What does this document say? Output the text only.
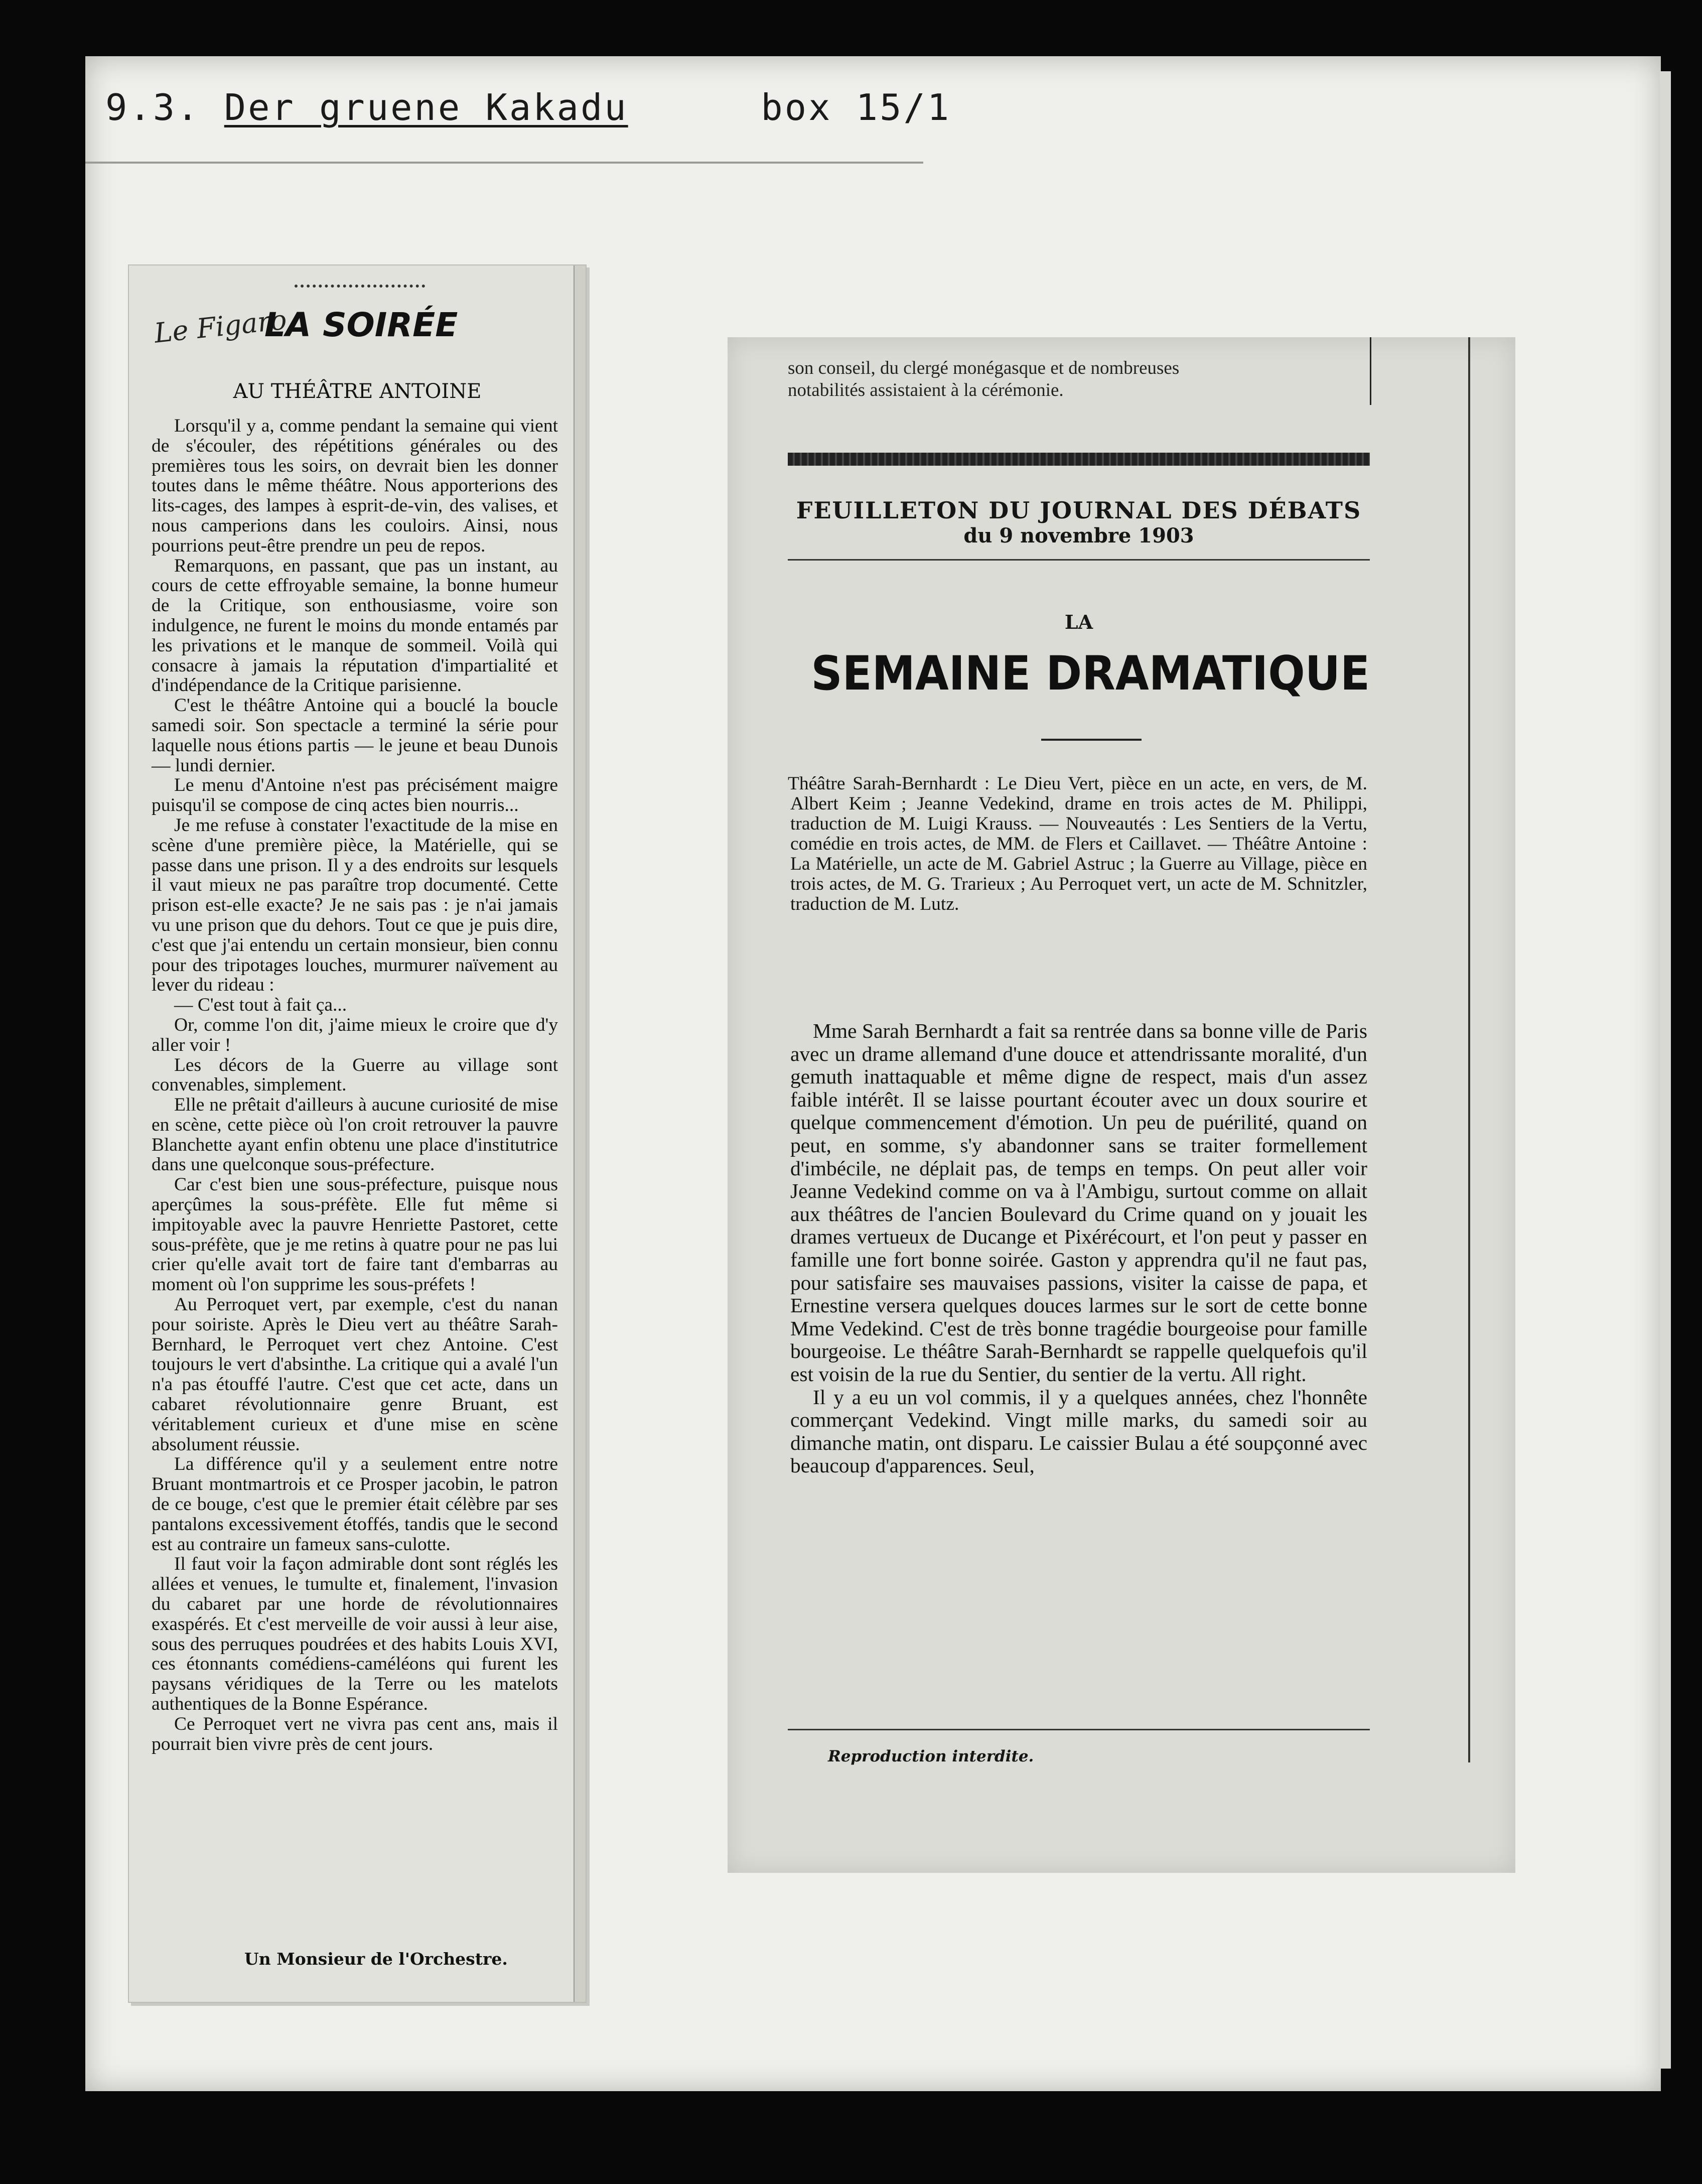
9.3. Der gruene Kakadu	box 15/1
Le Figaro
LA SOIRÉE
AU THÉÂTRE ANTOINE

Lorsqu'il y a, comme pendant la semaine qui vient de s'écouler, des répétitions générales ou des premières tous les soirs, on devrait bien les donner toutes dans le même théâtre. Nous apporterions des lits-cages, des lampes à esprit-de-vin, des valises, et nous camperions dans les couloirs. Ainsi, nous pourrions peut-être prendre un peu de repos.

Remarquons, en passant, que pas un instant, au cours de cette effroyable semaine, la bonne humeur de la Critique, son enthousiasme, voire son indulgence, ne furent le moins du monde entamés par les privations et le manque de sommeil. Voilà qui consacre à jamais la réputation d'impartialité et d'indépendance de la Critique parisienne.

C'est le théâtre Antoine qui a bouclé la boucle samedi soir. Son spectacle a terminé la série pour laquelle nous étions partis — le jeune et beau Dunois — lundi dernier.

Le menu d'Antoine n'est pas précisément maigre puisqu'il se compose de cinq actes bien nourris...

Je me refuse à constater l'exactitude de la mise en scène d'une première pièce, la Matérielle, qui se passe dans une prison. Il y a des endroits sur lesquels il vaut mieux ne pas paraître trop documenté. Cette prison est-elle exacte? Je ne sais pas : je n'ai jamais vu une prison que du dehors. Tout ce que je puis dire, c'est que j'ai entendu un certain monsieur, bien connu pour des tripotages louches, murmurer naïvement au lever du rideau :

— C'est tout à fait ça...

Or, comme l'on dit, j'aime mieux le croire que d'y aller voir !

Les décors de la Guerre au village sont convenables, simplement.

Elle ne prêtait d'ailleurs à aucune curiosité de mise en scène, cette pièce où l'on croit retrouver la pauvre Blanchette ayant enfin obtenu une place d'institutrice dans une quelconque sous-préfecture.

Car c'est bien une sous-préfecture, puisque nous aperçûmes la sous-préfète. Elle fut même si impitoyable avec la pauvre Henriette Pastoret, cette sous-préfète, que je me retins à quatre pour ne pas lui crier qu'elle avait tort de faire tant d'embarras au moment où l'on supprime les sous-préfets !

Au Perroquet vert, par exemple, c'est du nanan pour soiriste. Après le Dieu vert au théâtre Sarah-Bernhard, le Perroquet vert chez Antoine. C'est toujours le vert d'absinthe. La critique qui a avalé l'un n'a pas étouffé l'autre. C'est que cet acte, dans un cabaret révolutionnaire genre Bruant, est véritablement curieux et d'une mise en scène absolument réussie.

La différence qu'il y a seulement entre notre Bruant montmartrois et ce Prosper jacobin, le patron de ce bouge, c'est que le premier était célèbre par ses pantalons excessivement étoffés, tandis que le second est au contraire un fameux sans-culotte.

Il faut voir la façon admirable dont sont réglés les allées et venues, le tumulte et, finalement, l'invasion du cabaret par une horde de révolutionnaires exaspérés. Et c'est merveille de voir aussi à leur aise, sous des perruques poudrées et des habits Louis XVI, ces étonnants comédiens-caméléons qui furent les paysans véridiques de la Terre ou les matelots authentiques de la Bonne Espérance.

Ce Perroquet vert ne vivra pas cent ans, mais il pourrait bien vivre près de cent jours.

Un Monsieur de l'Orchestre.

son conseil, du clergé monégasque et de nombreuses

notabilités assistaient à la cérémonie.

FEUILLETON DU JOURNAL DES DÉBATS
du 9 novembre 1903
LA
SEMAINE DRAMATIQUE
Théâtre Sarah-Bernhardt : Le Dieu Vert, pièce en un acte, en vers, de M. Albert Keim ; Jeanne Vedekind, drame en trois actes de M. Philippi, traduction de M. Luigi Krauss. — Nouveautés : Les Sentiers de la Vertu, comédie en trois actes, de MM. de Flers et Caillavet. — Théâtre Antoine : La Matérielle, un acte de M. Gabriel Astruc ; la Guerre au Village, pièce en trois actes, de M. G. Trarieux ; Au Perroquet vert, un acte de M. Schnitzler, traduction de M. Lutz.

Mme Sarah Bernhardt a fait sa rentrée dans sa bonne ville de Paris avec un drame allemand d'une douce et attendrissante moralité, d'un gemuth inattaquable et même digne de respect, mais d'un assez faible intérêt. Il se laisse pourtant écouter avec un doux sourire et quelque commencement d'émotion. Un peu de puérilité, quand on peut, en somme, s'y abandonner sans se traiter formellement d'imbécile, ne déplait pas, de temps en temps. On peut aller voir Jeanne Vedekind comme on va à l'Ambigu, surtout comme on allait aux théâtres de l'ancien Boulevard du Crime quand on y jouait les drames vertueux de Ducange et Pixérécourt, et l'on peut y passer en famille une fort bonne soirée. Gaston y apprendra qu'il ne faut pas, pour satisfaire ses mauvaises passions, visiter la caisse de papa, et Ernestine versera quelques douces larmes sur le sort de cette bonne Mme Vedekind. C'est de très bonne tragédie bourgeoise pour famille bourgeoise. Le théâtre Sarah-Bernhardt se rappelle quelquefois qu'il est voisin de la rue du Sentier, du sentier de la vertu. All right.

Il y a eu un vol commis, il y a quelques années, chez l'honnête commerçant Vedekind. Vingt mille marks, du samedi soir au dimanche matin, ont disparu. Le caissier Bulau a été soupçonné avec beaucoup d'apparences. Seul,

Reproduction interdite.
